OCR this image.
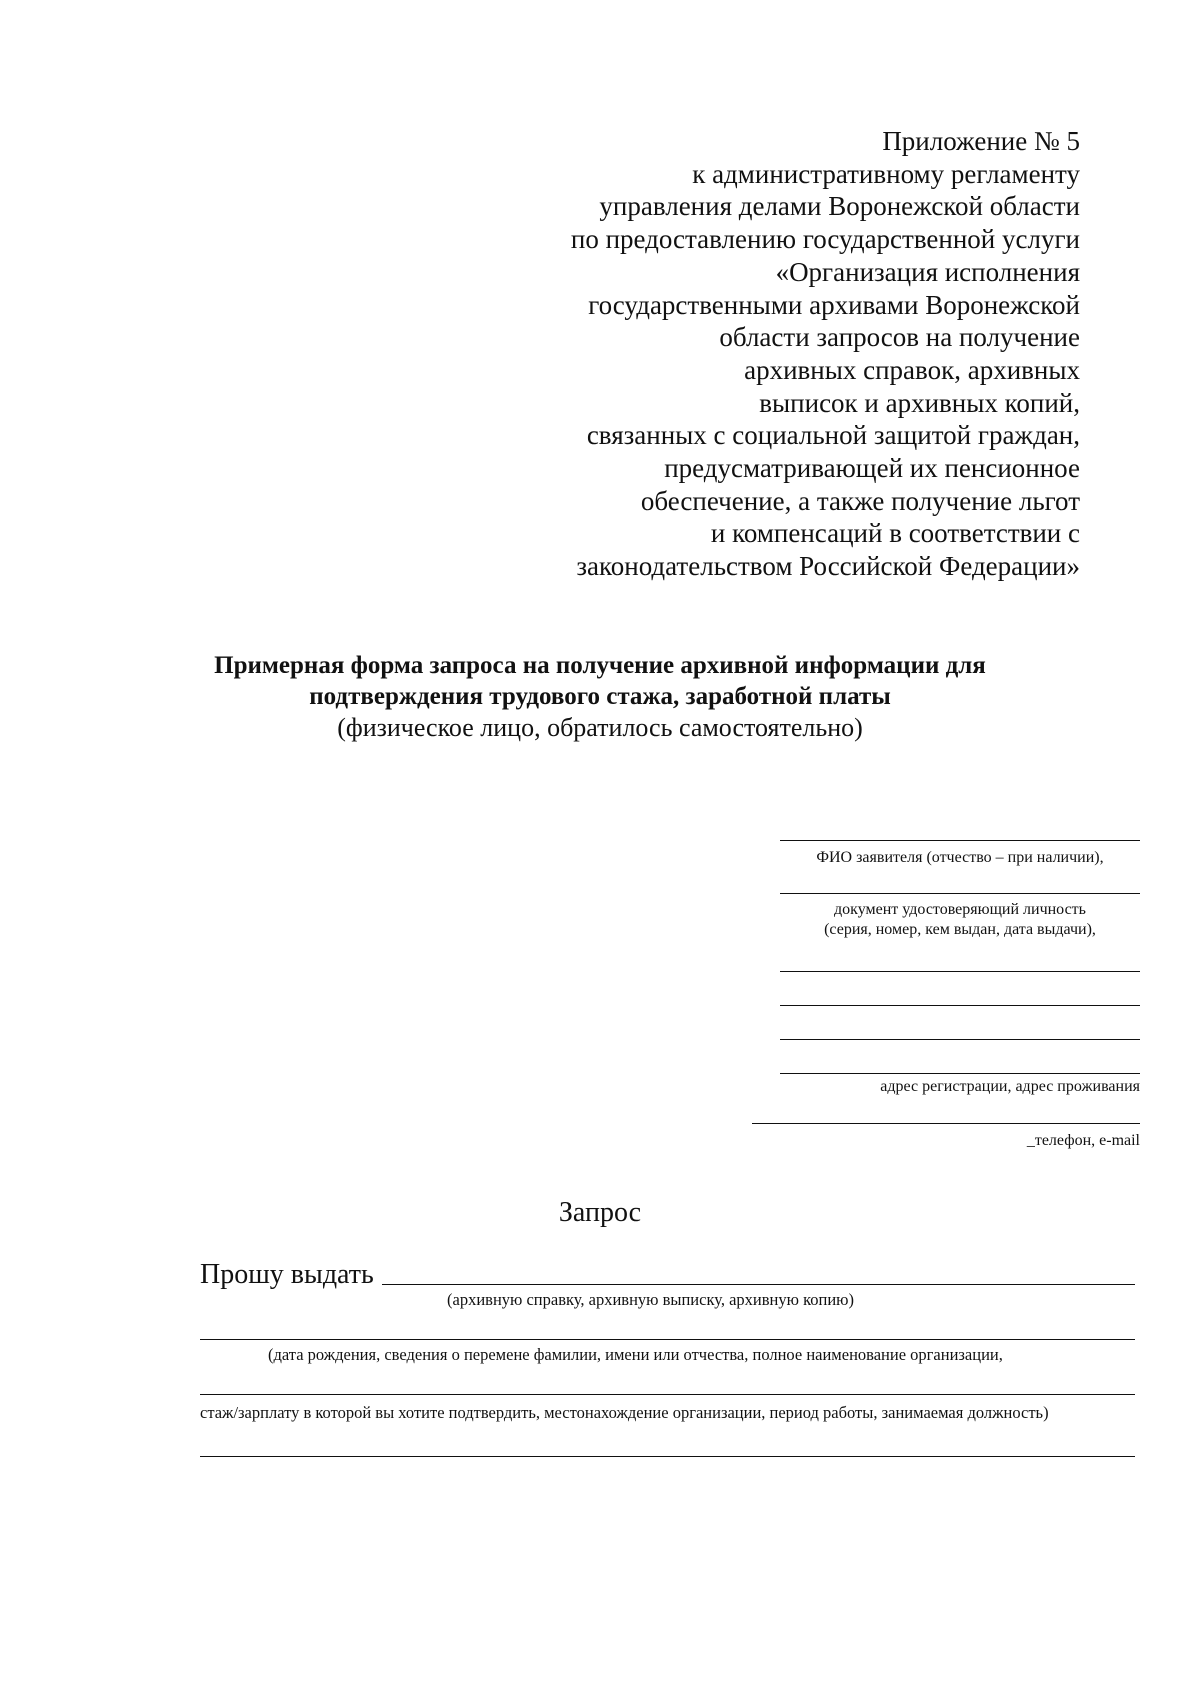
Приложение № 5
к административному регламенту
управления делами Воронежской области
по предоставлению государственной услуги
«Организация исполнения
государственными архивами Воронежской
области запросов на получение
архивных справок, архивных
выписок и архивных копий,
связанных с социальной защитой граждан,
предусматривающей их пенсионное
обеспечение, а также получение льгот
и компенсаций в соответствии с
законодательством Российской Федерации»
Примерная форма запроса на получение архивной информации для
подтверждения трудового стажа, заработной платы
(физическое лицо, обратилось самостоятельно)
ФИО заявителя (отчество – при наличии),
документ удостоверяющий личность
(серия, номер, кем выдан, дата выдачи),
адрес регистрации, адрес проживания
_телефон, e-mail
Запрос
Прошу выдать
(архивную справку, архивную выписку, архивную копию)
(дата рождения, сведения о перемене фамилии, имени или отчества, полное наименование организации,
стаж/зарплату в которой вы хотите подтвердить, местонахождение организации, период работы, занимаемая должность)
